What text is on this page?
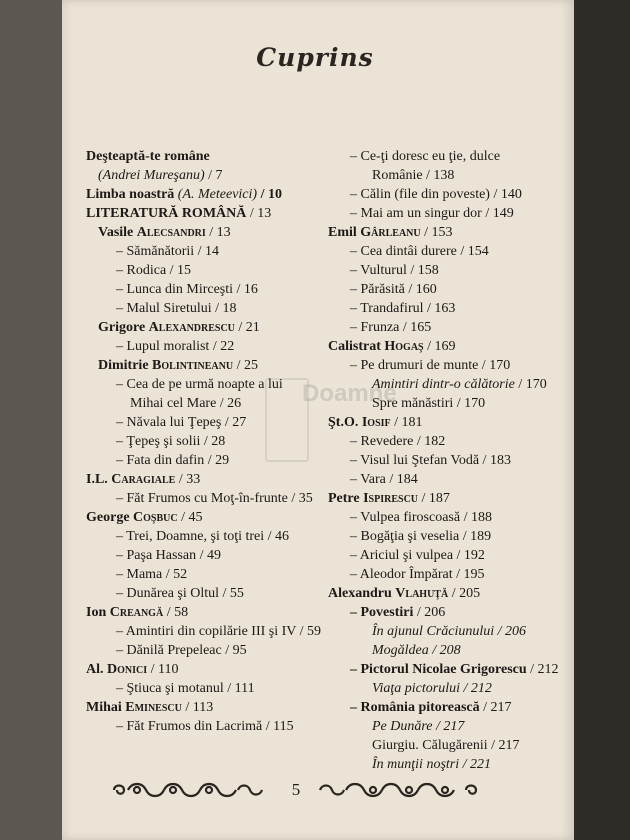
Cuprins
Doamne
Deşteaptă-te române
(Andrei Mureşanu) / 7
Limba noastră (A. Meteevici) / 10
LITERATURĂ ROMÂNĂ / 13
Vasile Alecsandri / 13
– Sămănătorii / 14
– Rodica / 15
– Lunca din Mirceşti / 16
– Malul Siretului / 18
Grigore Alexandrescu / 21
– Lupul moralist / 22
Dimitrie Bolintineanu / 25
– Cea de pe urmă noapte a lui
Mihai cel Mare / 26
– Năvala lui Ţepeş / 27
– Ţepeş şi solii / 28
– Fata din dafin / 29
I.L. Caragiale / 33
– Făt Frumos cu Moţ-în-frunte / 35
George Coşbuc / 45
– Trei, Doamne, şi toţi trei / 46
– Paşa Hassan / 49
– Mama / 52
– Dunărea şi Oltul / 55
Ion Creangă / 58
– Amintiri din copilărie III şi IV / 59
– Dănilă Prepeleac / 95
Al. Donici / 110
– Ştiuca şi motanul / 111
Mihai Eminescu / 113
– Făt Frumos din Lacrimă / 115
– Ce-ţi doresc eu ţie, dulce
Românie / 138
– Călin (file din poveste) / 140
– Mai am un singur dor / 149
Emil Gârleanu / 153
– Cea dintâi durere / 154
– Vulturul / 158
– Părăsită / 160
– Trandafirul / 163
– Frunza / 165
Calistrat Hogaş / 169
– Pe drumuri de munte / 170
Amintiri dintr-o călătorie / 170
Spre mănăstiri / 170
Şt.O. Iosif / 181
– Revedere / 182
– Visul lui Ştefan Vodă / 183
– Vara / 184
Petre Ispirescu / 187
– Vulpea firoscoasă / 188
– Bogăţia şi veselia / 189
– Ariciul şi vulpea / 192
– Aleodor Împărat / 195
Alexandru Vlahuţă / 205
– Povestiri / 206
În ajunul Crăciunului / 206
Mogăldea / 208
– Pictorul Nicolae Grigorescu / 212
Viaţa pictorului / 212
– România pitorească / 217
Pe Dunăre / 217
Giurgiu. Călugărenii / 217
În munţii noştri / 221
5
